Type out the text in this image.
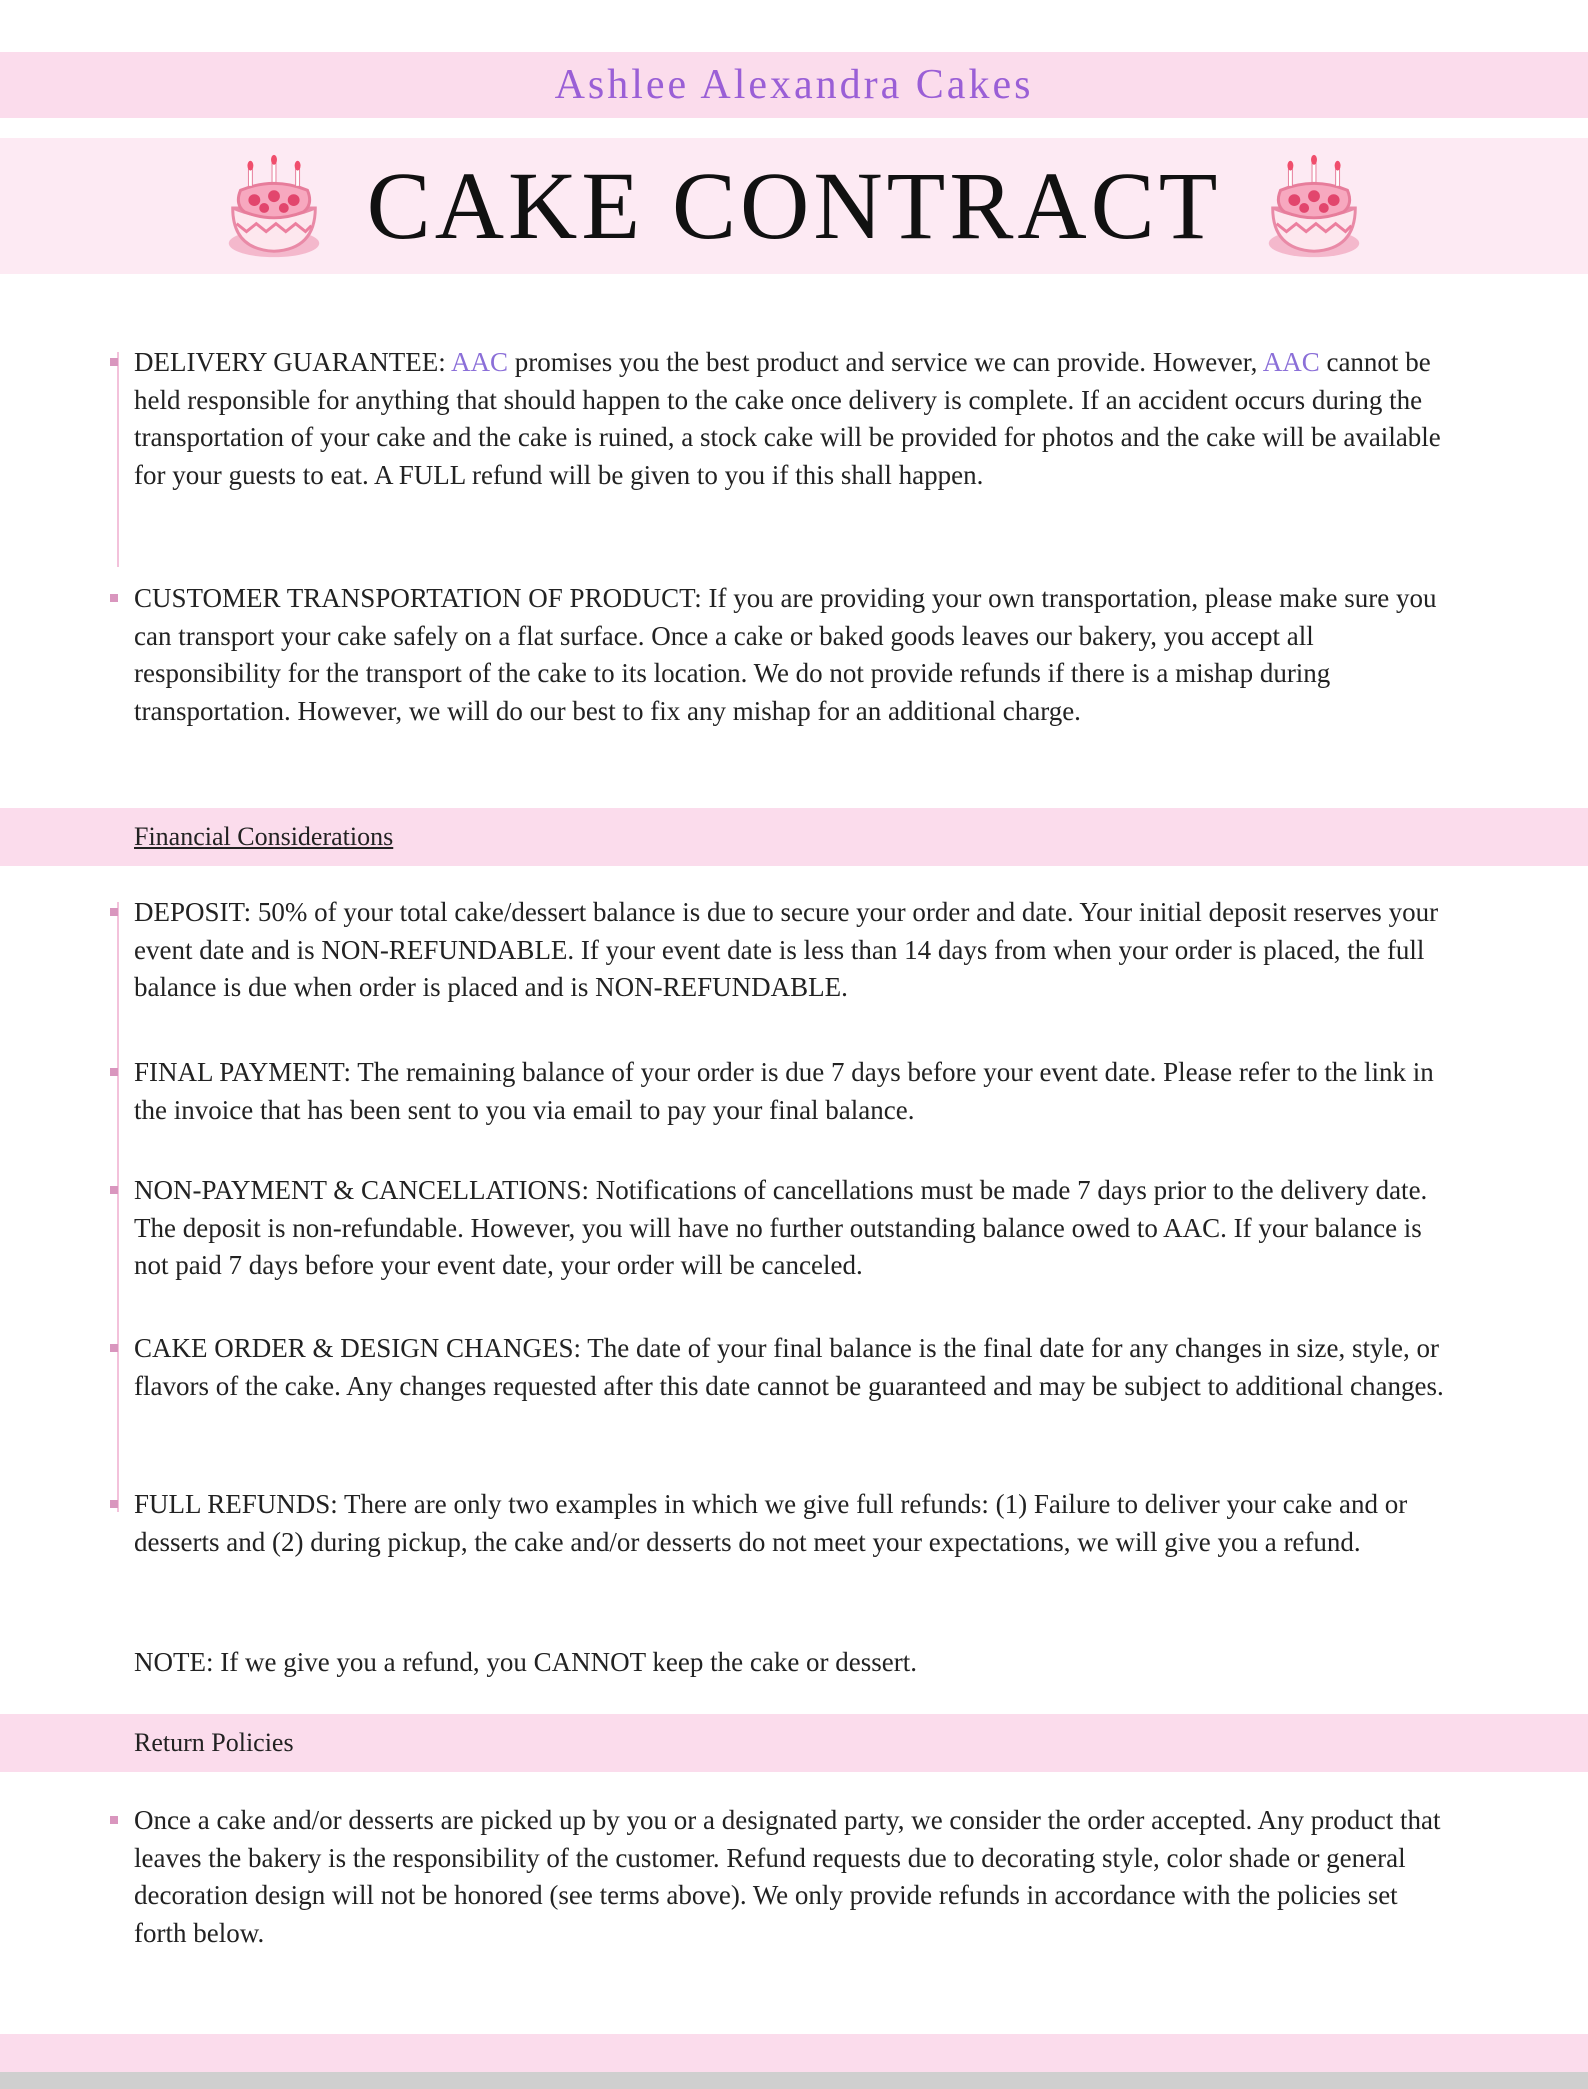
Ashlee Alexandra Cakes
CAKE CONTRACT
DELIVERY GUARANTEE: AAC promises you the best product and service we can provide. However, AAC cannot be held responsible for anything that should happen to the cake once delivery is complete. If an accident occurs during the transportation of your cake and the cake is ruined, a stock cake will be provided for photos and the cake will be available for your guests to eat. A FULL refund will be given to you if this shall happen.
CUSTOMER TRANSPORTATION OF PRODUCT: If you are providing your own transportation, please make sure you can transport your cake safely on a flat surface. Once a cake or baked goods leaves our bakery, you accept all responsibility for the transport of the cake to its location. We do not provide refunds if there is a mishap during transportation. However, we will do our best to fix any mishap for an additional charge.
Financial Considerations
DEPOSIT: 50% of your total cake/dessert balance is due to secure your order and date. Your initial deposit reserves your event date and is NON-REFUNDABLE. If your event date is less than 14 days from when your order is placed, the full balance is due when order is placed and is NON-REFUNDABLE.
FINAL PAYMENT: The remaining balance of your order is due 7 days before your event date. Please refer to the link in the invoice that has been sent to you via email to pay your final balance.
NON-PAYMENT & CANCELLATIONS: Notifications of cancellations must be made 7 days prior to the delivery date. The deposit is non-refundable. However, you will have no further outstanding balance owed to AAC. If your balance is not paid 7 days before your event date, your order will be canceled.
CAKE ORDER & DESIGN CHANGES: The date of your final balance is the final date for any changes in size, style, or flavors of the cake. Any changes requested after this date cannot be guaranteed and may be subject to additional changes.
FULL REFUNDS: There are only two examples in which we give full refunds: (1) Failure to deliver your cake and or desserts and (2) during pickup, the cake and/or desserts do not meet your expectations, we will give you a refund.
NOTE: If we give you a refund, you CANNOT keep the cake or dessert.
Return Policies
Once a cake and/or desserts are picked up by you or a designated party, we consider the order accepted. Any product that leaves the bakery is the responsibility of the customer. Refund requests due to decorating style, color shade or general decoration design will not be honored (see terms above). We only provide refunds in accordance with the policies set forth below.
